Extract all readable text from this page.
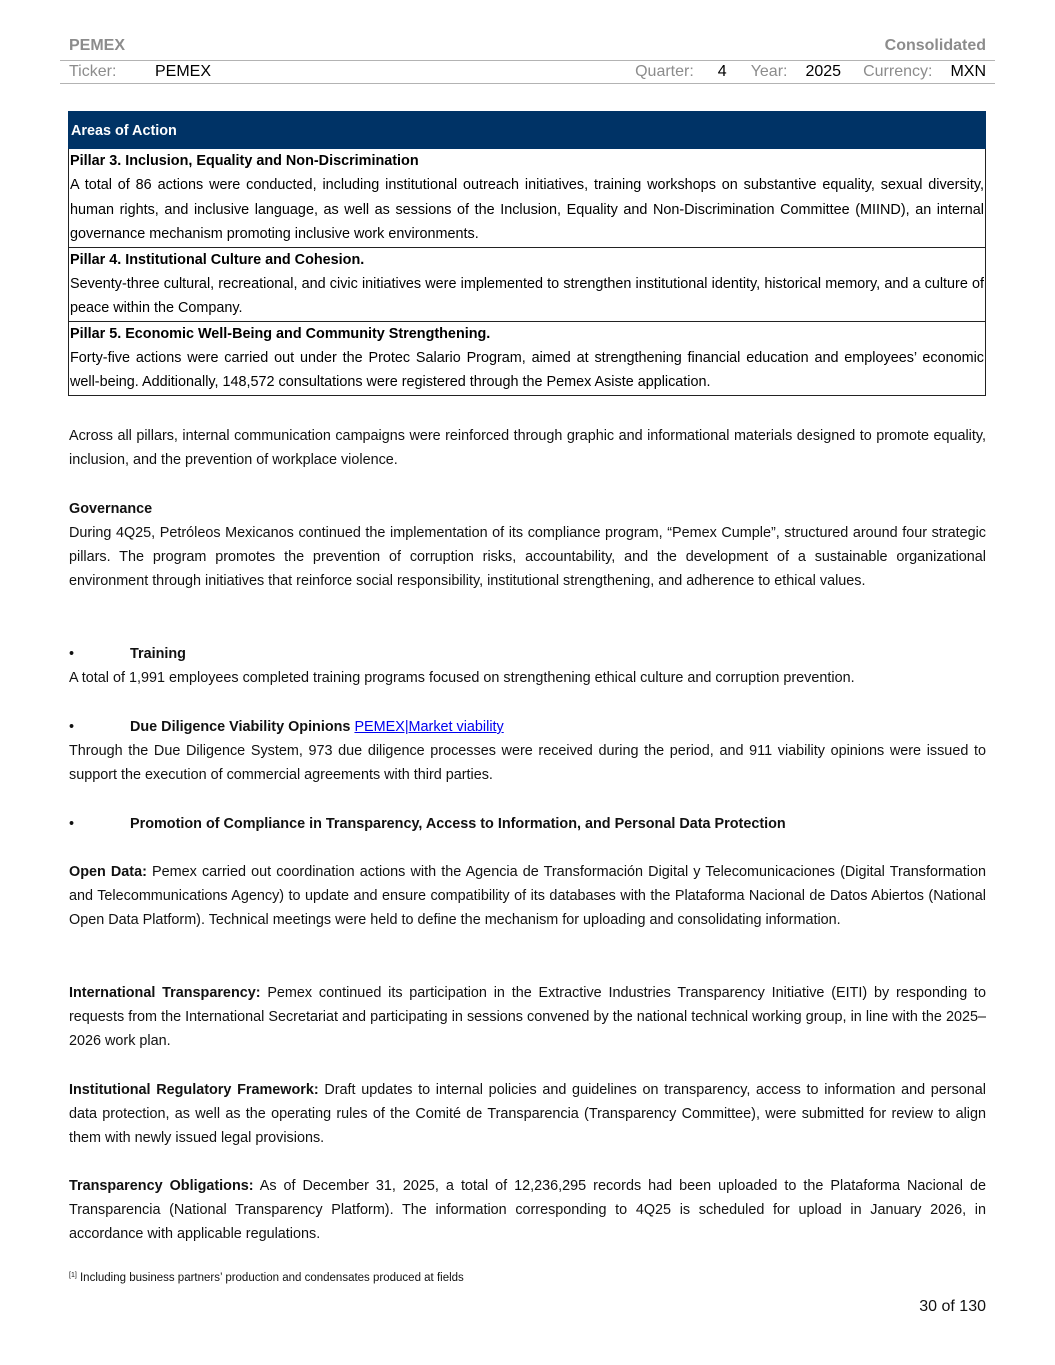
PEMEX	Consolidated
Ticker: PEMEX	Quarter: 4 Year: 2025 Currency: MXN
Areas of Action
Pillar 3. Inclusion, Equality and Non-Discrimination
A total of 86 actions were conducted, including institutional outreach initiatives, training workshops on substantive equality, sexual diversity, human rights, and inclusive language, as well as sessions of the Inclusion, Equality and Non-Discrimination Committee (MIIND), an internal governance mechanism promoting inclusive work environments.
Pillar 4. Institutional Culture and Cohesion.
Seventy-three cultural, recreational, and civic initiatives were implemented to strengthen institutional identity, historical memory, and a culture of peace within the Company.
Pillar 5. Economic Well-Being and Community Strengthening.
Forty-five actions were carried out under the Protec Salario Program, aimed at strengthening financial education and employees’ economic well-being. Additionally, 148,572 consultations were registered through the Pemex Asiste application.
Across all pillars, internal communication campaigns were reinforced through graphic and informational materials designed to promote equality, inclusion, and the prevention of workplace violence.
Governance
During 4Q25, Petróleos Mexicanos continued the implementation of its compliance program, “Pemex Cumple”, structured around four strategic pillars. The program promotes the prevention of corruption risks, accountability, and the development of a sustainable organizational environment through initiatives that reinforce social responsibility, institutional strengthening, and adherence to ethical values.
•	Training
A total of 1,991 employees completed training programs focused on strengthening ethical culture and corruption prevention.
•	Due Diligence Viability Opinions PEMEX|Market viability
Through the Due Diligence System, 973 due diligence processes were received during the period, and 911 viability opinions were issued to support the execution of commercial agreements with third parties.
•	Promotion of Compliance in Transparency, Access to Information, and Personal Data Protection
Open Data: Pemex carried out coordination actions with the Agencia de Transformación Digital y Telecomunicaciones (Digital Transformation and Telecommunications Agency) to update and ensure compatibility of its databases with the Plataforma Nacional de Datos Abiertos (National Open Data Platform). Technical meetings were held to define the mechanism for uploading and consolidating information.
International Transparency: Pemex continued its participation in the Extractive Industries Transparency Initiative (EITI) by responding to requests from the International Secretariat and participating in sessions convened by the national technical working group, in line with the 2025–2026 work plan.
Institutional Regulatory Framework: Draft updates to internal policies and guidelines on transparency, access to information and personal data protection, as well as the operating rules of the Comité de Transparencia (Transparency Committee), were submitted for review to align them with newly issued legal provisions.
Transparency Obligations: As of December 31, 2025, a total of 12,236,295 records had been uploaded to the Plataforma Nacional de Transparencia (National Transparency Platform). The information corresponding to 4Q25 is scheduled for upload in January 2026, in accordance with applicable regulations.
[1] Including business partners’ production and condensates produced at fields
30 of 130
